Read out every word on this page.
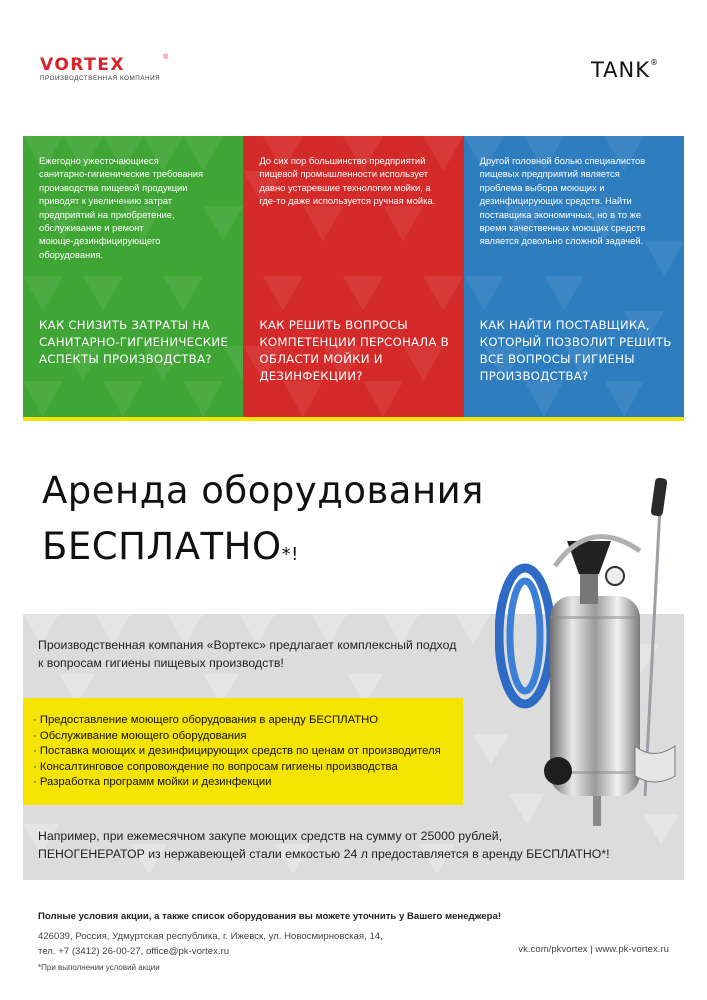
VORTEX	®
ПРОИЗВОДСТВЕННАЯ КОМПАНИЯ	TANK®
Ежегодно ужесточающиеся
санитарно-гигиенические требования
производства пищевой продукции
приводят к увеличению затрат
предприятий на приобретение,
обслуживание и ремонт
моюще-дезинфицирующего
оборудования.
КАК СНИЗИТЬ ЗАТРАТЫ НА
САНИТАРНО-ГИГИЕНИЧЕСКИЕ
АСПЕКТЫ ПРОИЗВОДСТВА?
До сих пор большинство предприятий
пищевой промышленности использует
давно устаревшие технологии мойки, а
где-то даже используется ручная мойка.
КАК РЕШИТЬ ВОПРОСЫ
КОМПЕТЕНЦИИ ПЕРСОНАЛА В
ОБЛАСТИ МОЙКИ И
ДЕЗИНФЕКЦИИ?
Другой головной болью специалистов
пищевых предприятий является
проблема выбора моющих и
дезинфицирующих средств. Найти
поставщика экономичных, но в то же
время качественных моющих средств
является довольно сложной задачей.
КАК НАЙТИ ПОСТАВЩИКА,
КОТОРЫЙ ПОЗВОЛИТ РЕШИТЬ
ВСЕ ВОПРОСЫ ГИГИЕНЫ
ПРОИЗВОДСТВА?
Аренда оборудования
БЕСПЛАТНО*!
Производственная компания «Вортекс» предлагает комплексный подход
к вопросам гигиены пищевых производств!
· Предоставление моющего оборудования в аренду БЕСПЛАТНО
· Обслуживание моющего оборудования
· Поставка моющих и дезинфицирующих средств по ценам от производителя
· Консалтинговое сопровождение по вопросам гигиены производства
· Разработка программ мойки и дезинфекции
Например, при ежемесячном закупе моющих средств на сумму от 25000 рублей,
ПЕНОГЕНЕРАТОР из нержавеющей стали емкостью 24 л предоставляется в аренду БЕСПЛАТНО*!
Полные условия акции, а также список оборудования вы можете уточнить у Вашего менеджера!
426039, Россия, Удмуртская республика, г. Ижевск, ул. Новосмирновская, 14,
тел. +7 (3412) 26-00-27, office@pk-vortex.ru
*При выполнении условий акции
vk.com/pkvortex | www.pk-vortex.ru
